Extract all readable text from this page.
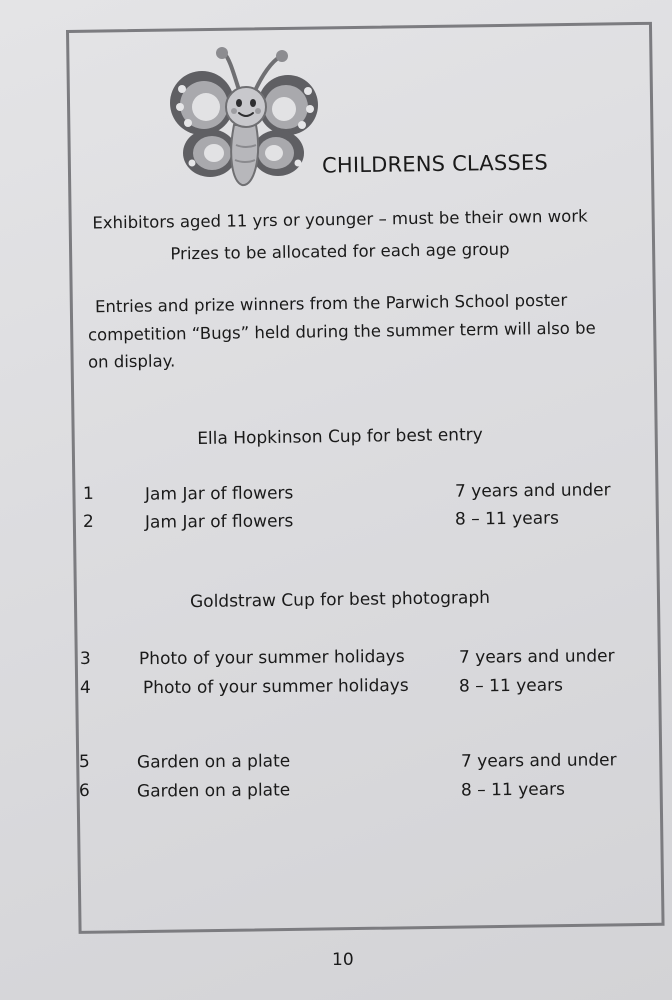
CHILDRENS CLASSES
Exhibitors aged 11 yrs or younger – must be their own work
Prizes to be allocated for each age group
Entries and prize winners from the Parwich School poster
competition “Bugs” held during the summer term will also be
on display.
Ella Hopkinson Cup for best entry
1	Jam Jar of flowers	7 years and under
2	Jam Jar of flowers	8 – 11 years
Goldstraw Cup for best photograph
3	Photo of your summer holidays	7 years and under
4	Photo of your summer holidays	8 – 11 years
5	Garden on a plate	7 years and under
6	Garden on a plate	8 – 11 years
10
